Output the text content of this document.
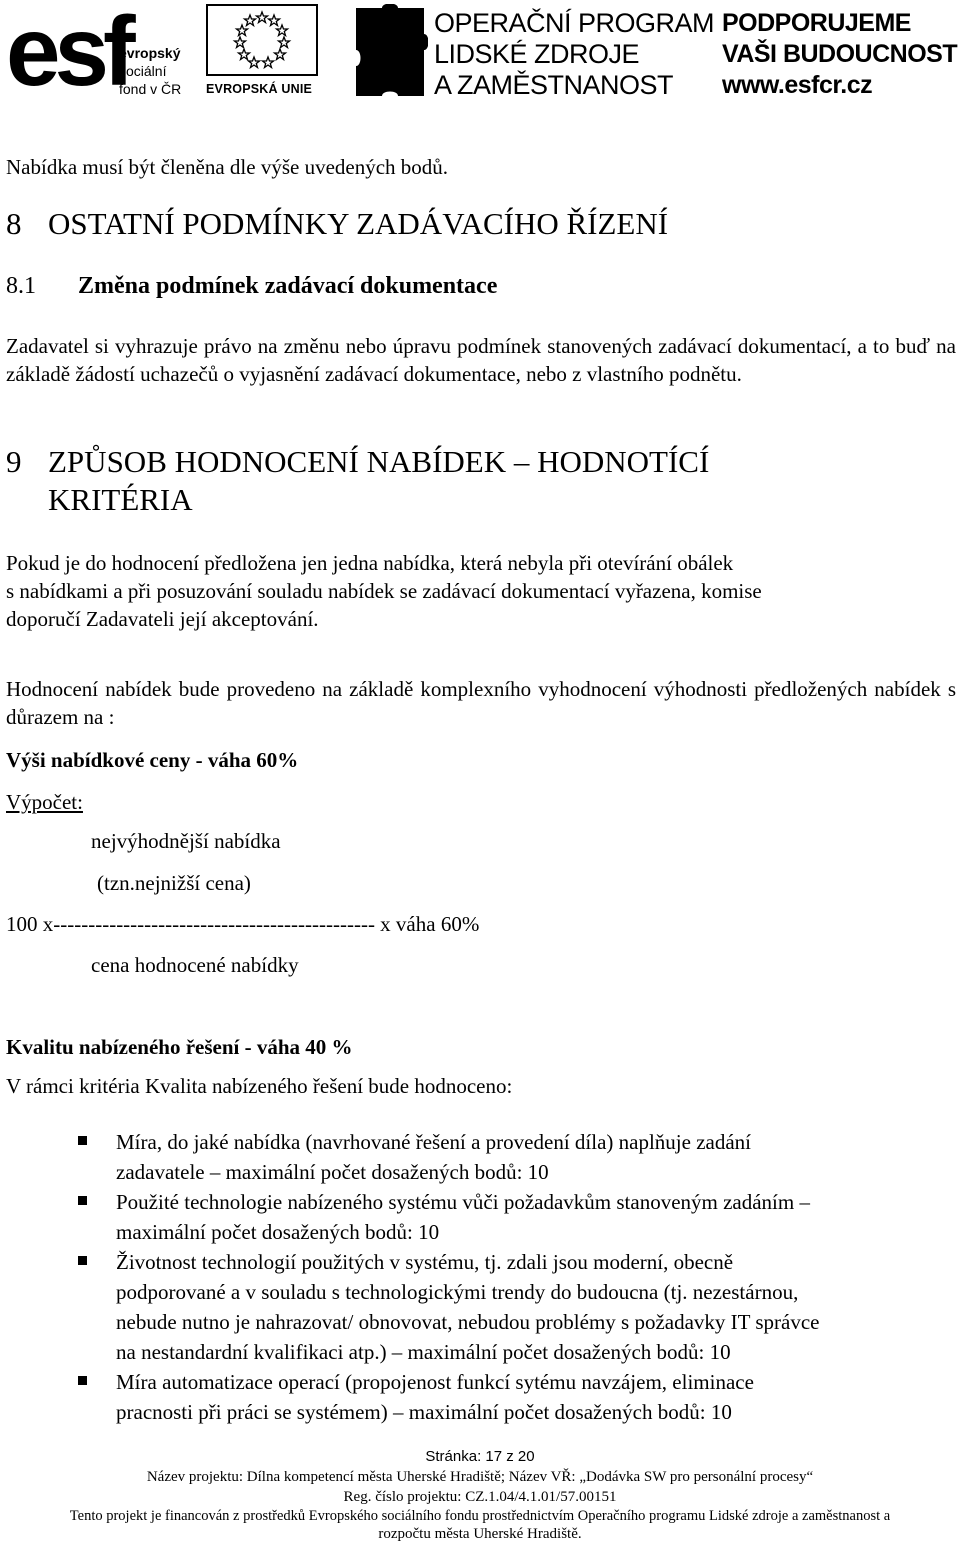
esf
evropský
sociální
fond v ČR EVROPSKÁ UNIE
OPERAČNÍ PROGRAM
LIDSKÉ ZDROJE
A ZAMĚSTNANOST
PODPORUJEME
VAŠI BUDOUCNOST
www.esfcr.cz
Nabídka musí být členěna dle výše uvedených bodů.
8 OSTATNÍ PODMÍNKY ZADÁVACÍHO ŘÍZENÍ
8.1 Změna podmínek zadávací dokumentace
Zadavatel si vyhrazuje právo na změnu nebo úpravu podmínek stanovených zadávací dokumentací, a to buď na základě žádostí uchazečů o vyjasnění zadávací dokumentace, nebo z vlastního podnětu.
9 ZPŮSOB HODNOCENÍ NABÍDEK – HODNOTÍCÍ
KRITÉRIA
Pokud je do hodnocení předložena jen jedna nabídka, která nebyla při otevírání obálek
s nabídkami a při posuzování souladu nabídek se zadávací dokumentací vyřazena, komise
doporučí Zadavateli její akceptování.
Hodnocení nabídek bude provedeno na základě komplexního vyhodnocení výhodnosti předložených nabídek s důrazem na :
Výši nabídkové ceny - váha 60%
Výpočet:
nejvýhodnější nabídka
(tzn.nejnižší cena)
100 x---------------------------------------------- x váha 60%
cena hodnocené nabídky
Kvalitu nabízeného řešení - váha 40 %
V rámci kritéria Kvalita nabízeného řešení bude hodnoceno:
Míra, do jaké nabídka (navrhované řešení a provedení díla) naplňuje zadání
zadavatele – maximální počet dosažených bodů: 10
Použité technologie nabízeného systému vůči požadavkům stanoveným zadáním –
maximální počet dosažených bodů: 10
Životnost technologií použitých v systému, tj. zdali jsou moderní, obecně
podporované a v souladu s technologickými trendy do budoucna (tj. nezestárnou,
nebude nutno je nahrazovat/ obnovovat, nebudou problémy s požadavky IT správce
na nestandardní kvalifikaci atp.) – maximální počet dosažených bodů: 10
Míra automatizace operací (propojenost funkcí sytému navzájem, eliminace
pracnosti při práci se systémem) – maximální počet dosažených bodů: 10
Stránka: 17 z 20
Název projektu: Dílna kompetencí města Uherské Hradiště; Název VŘ: „Dodávka SW pro personální procesy“
Reg. číslo projektu: CZ.1.04/4.1.01/57.00151
Tento projekt je financován z prostředků Evropského sociálního fondu prostřednictvím Operačního programu Lidské zdroje a zaměstnanost a
rozpočtu města Uherské Hradiště.
